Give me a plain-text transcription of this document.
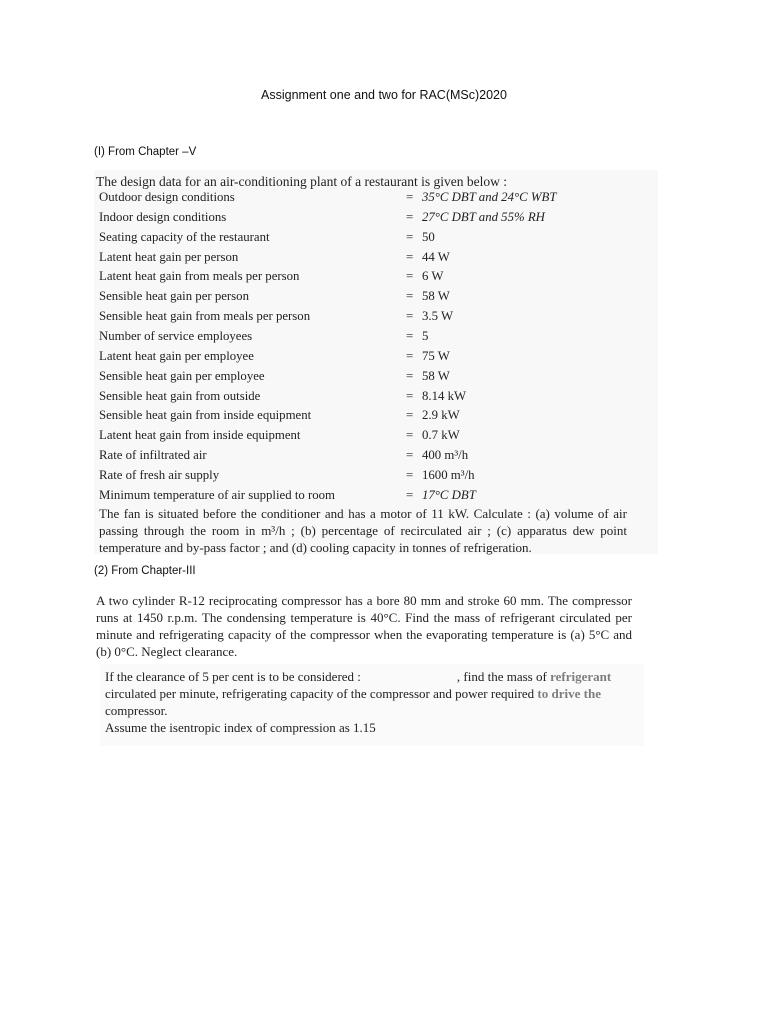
Assignment one and two for RAC(MSc)2020
(I) From Chapter –V
The design data for an air-conditioning plant of a restaurant is given below :
Outdoor design conditions	= 35°C DBT and 24°C WBT
Indoor design conditions	= 27°C DBT and 55% RH
Seating capacity of the restaurant	= 50
Latent heat gain per person	= 44 W
Latent heat gain from meals per person	= 6 W
Sensible heat gain per person	= 58 W
Sensible heat gain from meals per person	= 3.5 W
Number of service employees	= 5
Latent heat gain per employee	= 75 W
Sensible heat gain per employee	= 58 W
Sensible heat gain from outside	= 8.14 kW
Sensible heat gain from inside equipment	= 2.9 kW
Latent heat gain from inside equipment	= 0.7 kW
Rate of infiltrated air	= 400 m³/h
Rate of fresh air supply	= 1600 m³/h
Minimum temperature of air supplied to room	= 17°C DBT
The fan is situated before the conditioner and has a motor of 11 kW. Calculate : (a) volume of air passing through the room in m³/h ; (b) percentage of recirculated air ; (c) apparatus dew point temperature and by-pass factor ; and (d) cooling capacity in tonnes of refrigeration.
(2) From Chapter-III
A two cylinder R-12 reciprocating compressor has a bore 80 mm and stroke 60 mm. The compressor runs at 1450 r.p.m. The condensing temperature is 40°C. Find the mass of refrigerant circulated per minute and refrigerating capacity of the compressor when the evaporating temperature is (a) 5°C and (b) 0°C. Neglect clearance.
If the clearance of 5 per cent is to be considered :	, find the mass of refrigerant
circulated per minute, refrigerating capacity of the compressor and power required to drive the
compressor.
Assume the isentropic index of compression as 1.15
